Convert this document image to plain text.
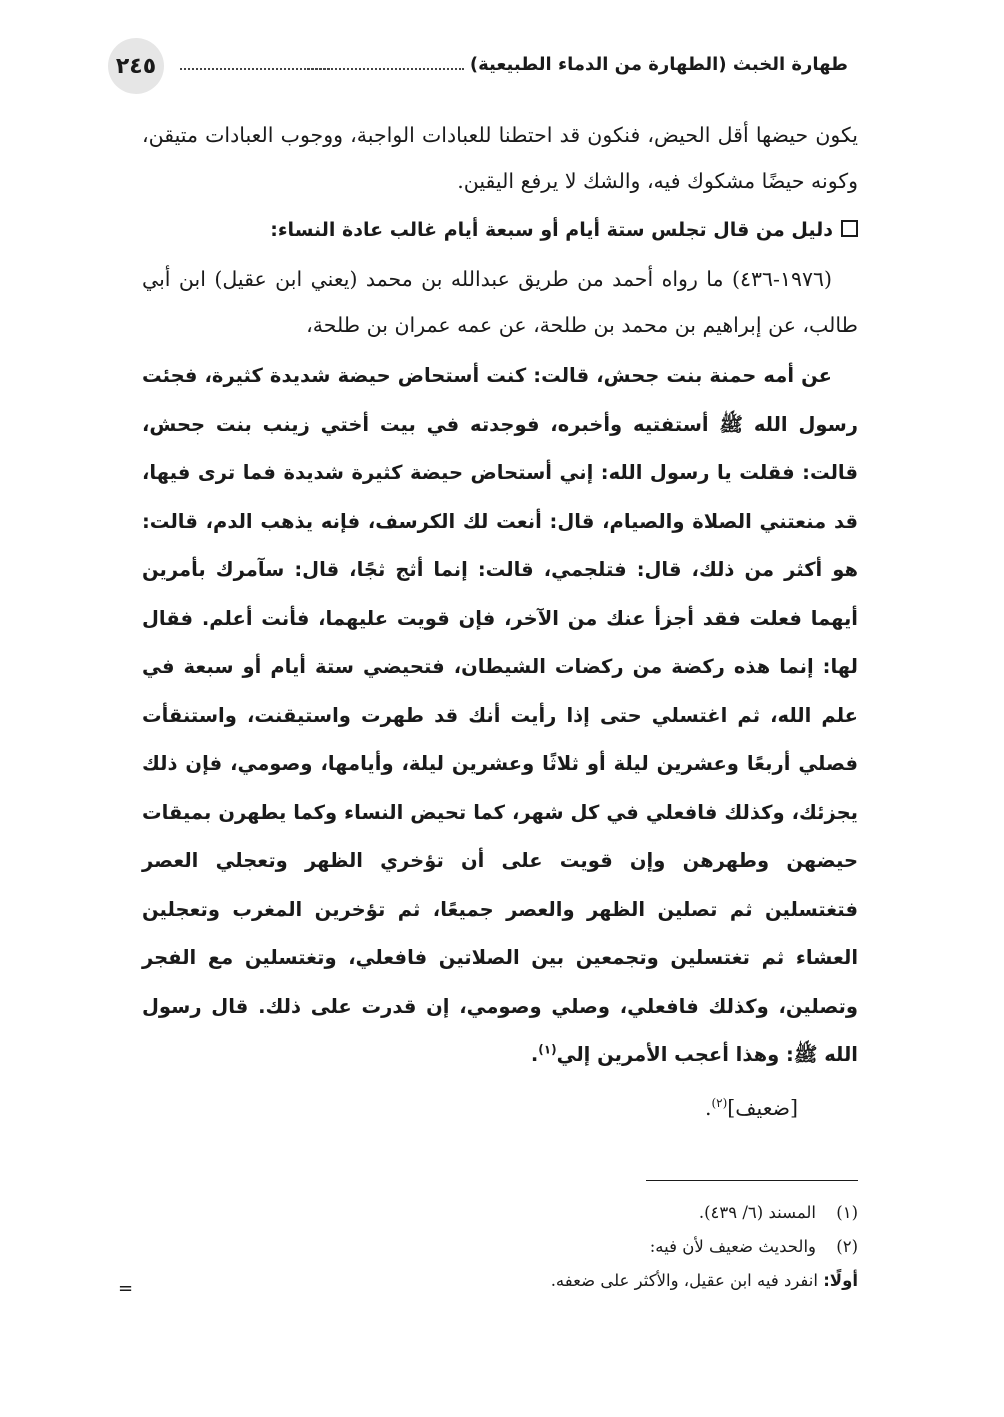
٢٤٥	طهارة الخبث (الطهارة من الدماء الطبيعية)

يكون حيضها أقل الحيض، فنكون قد احتطنا للعبادات الواجبة، ووجوب العبادات متيقن، وكونه حيضًا مشكوك فيه، والشك لا يرفع اليقين.

دليل من قال تجلس ستة أيام أو سبعة أيام غالب عادة النساء:

(١٩٧٦-٤٣٦) ما رواه أحمد من طريق عبدالله بن محمد (يعني ابن عقيل) ابن أبي طالب، عن إبراهيم بن محمد بن طلحة، عن عمه عمران بن طلحة،

عن أمه حمنة بنت جحش، قالت: كنت أستحاض حيضة شديدة كثيرة، فجئت رسول الله ﷺ أستفتيه وأخبره، فوجدته في بيت أختي زينب بنت جحش، قالت: فقلت يا رسول الله: إني أستحاض حيضة كثيرة شديدة فما ترى فيها، قد منعتني الصلاة والصيام، قال: أنعت لك الكرسف، فإنه يذهب الدم، قالت: هو أكثر من ذلك، قال: فتلجمي، قالت: إنما أثج ثجًا، قال: سآمرك بأمرين أيهما فعلت فقد أجزأ عنك من الآخر، فإن قويت عليهما، فأنت أعلم. فقال لها: إنما هذه ركضة من ركضات الشيطان، فتحيضي ستة أيام أو سبعة في علم الله، ثم اغتسلي حتى إذا رأيت أنك قد طهرت واستيقنت، واستنقأت فصلي أربعًا وعشرين ليلة أو ثلاثًا وعشرين ليلة، وأيامها، وصومي، فإن ذلك يجزئك، وكذلك فافعلي في كل شهر، كما تحيض النساء وكما يطهرن بميقات حيضهن وطهرهن وإن قويت على أن تؤخري الظهر وتعجلي العصر فتغتسلين ثم تصلين الظهر والعصر جميعًا، ثم تؤخرين المغرب وتعجلين العشاء ثم تغتسلين وتجمعين بين الصلاتين فافعلي، وتغتسلين مع الفجر وتصلين، وكذلك فافعلي، وصلي وصومي، إن قدرت على ذلك. قال رسول الله ﷺ: وهذا أعجب الأمرين إلي$^{(١)}$.

[ضعيف]$^{(٢)}$.

(١)المسند (٦/ ٤٣٩).

(٢)والحديث ضعيف لأن فيه:

أولًا: انفرد فيه ابن عقيل، والأكثر على ضعفه.

=
